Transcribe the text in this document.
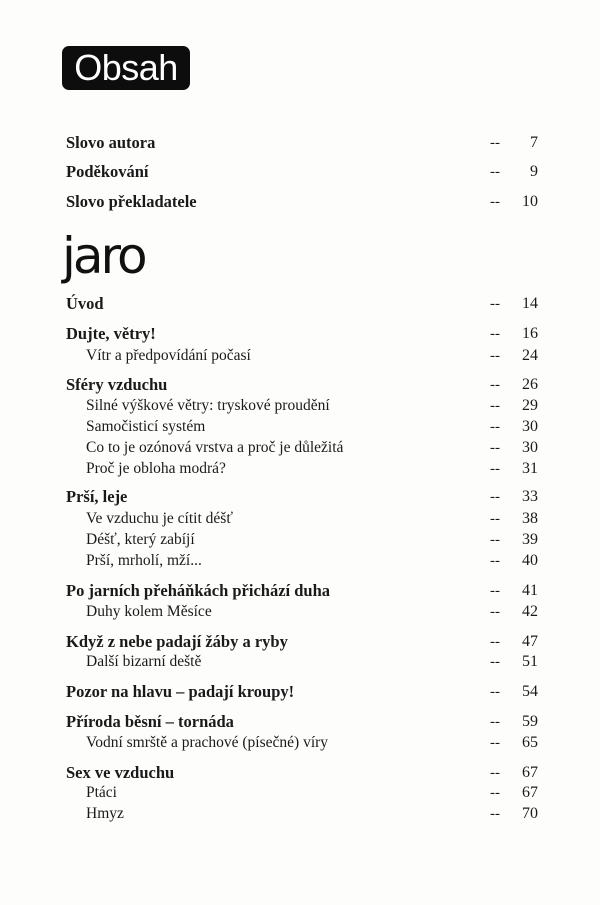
Obsah
Slovo autora	-- 7
Poděkování	-- 9
Slovo překladatele	-- 10
jaro
Úvod	-- 14
Dujte, větry!	-- 16
Vítr a předpovídání počasí	-- 24
Sféry vzduchu	-- 26
Silné výškové větry: tryskové proudění	-- 29
Samočisticí systém	-- 30
Co to je ozónová vrstva a proč je důležitá	-- 30
Proč je obloha modrá?	-- 31
Prší, leje	-- 33
Ve vzduchu je cítit déšť	-- 38
Déšť, který zabíjí	-- 39
Prší, mrholí, mží...	-- 40
Po jarních přeháňkách přichází duha	-- 41
Duhy kolem Měsíce	-- 42
Když z nebe padají žáby a ryby	-- 47
Další bizarní deště	-- 51
Pozor na hlavu – padají kroupy!	-- 54
Příroda běsní – tornáda	-- 59
Vodní smrště a prachové (písečné) víry	-- 65
Sex ve vzduchu	-- 67
Ptáci	-- 67
Hmyz	-- 70
